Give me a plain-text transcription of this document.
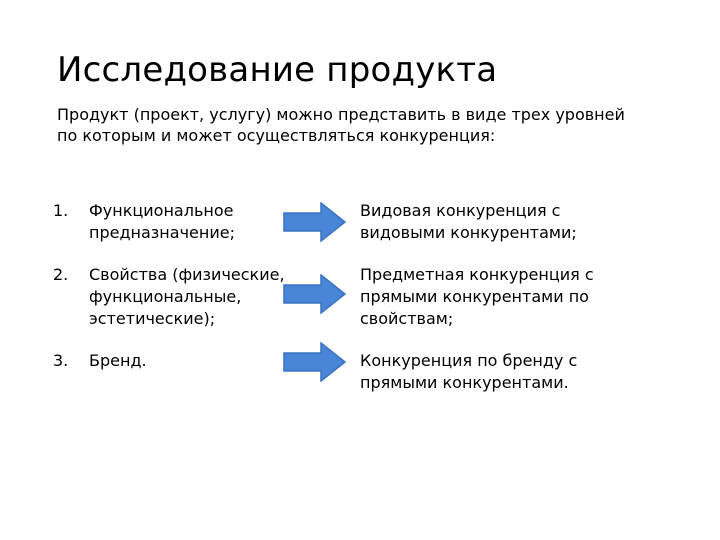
Исследование продукта
Продукт (проект, услугу) можно представить в виде трех уровней
по которым и может осуществляться конкуренция:
1. Функциональное
предназначение;
Видовая конкуренция с
видовыми конкурентами;
2. Свойства (физические,
функциональные,
эстетические);
Предметная конкуренция с
прямыми конкурентами по
свойствам;
3. Бренд.	Конкуренция по бренду с
прямыми конкурентами.
